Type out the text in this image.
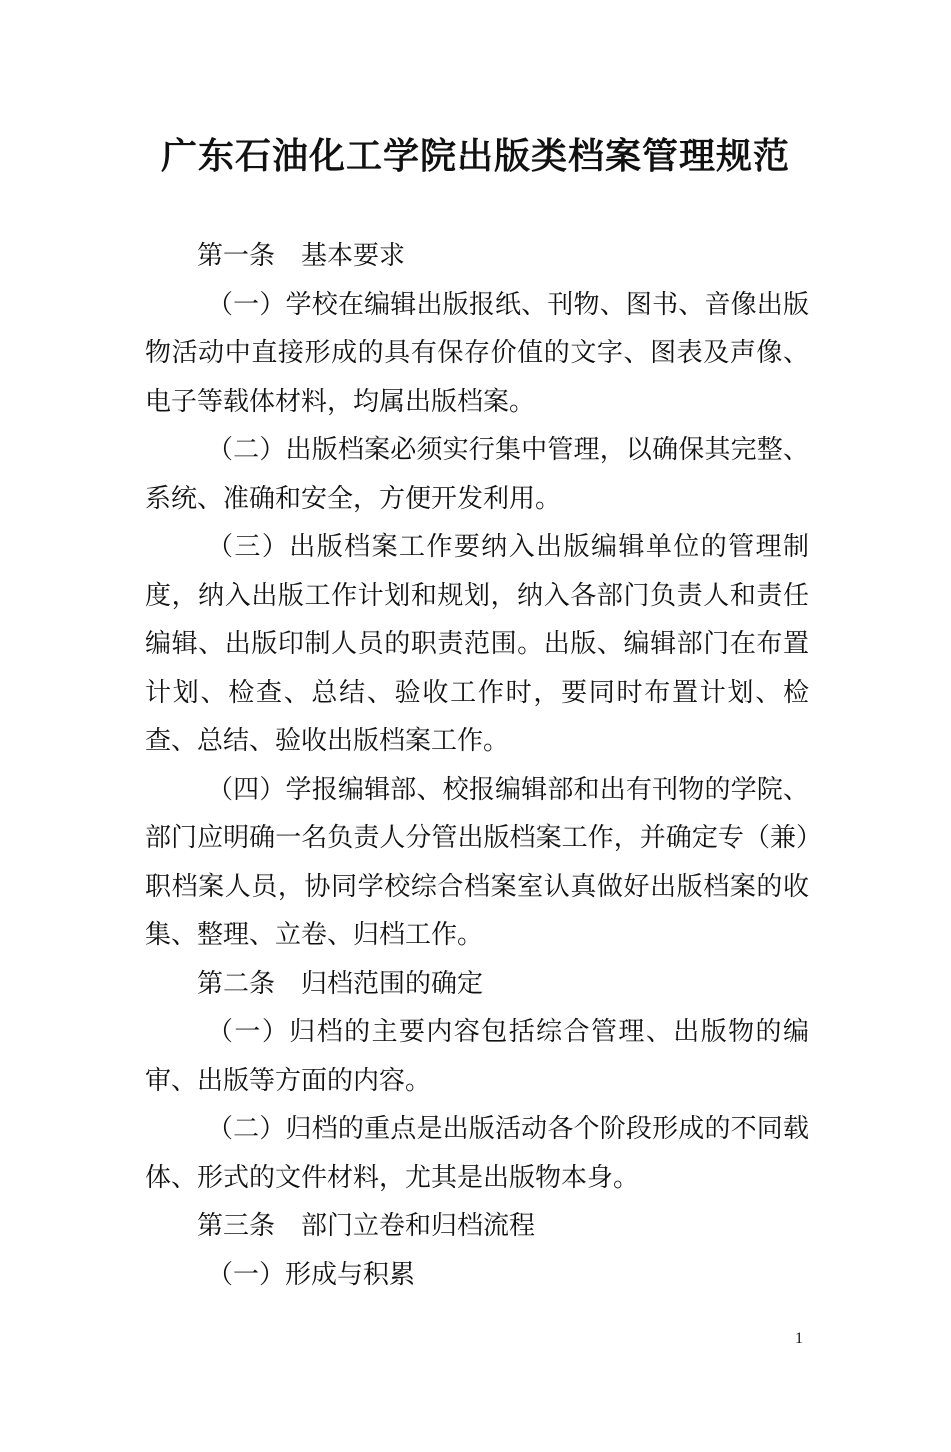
广东石油化工学院出版类档案管理规范

第一条 基本要求

（一）学校在编辑出版报纸、刊物、图书、音像出版物活动中直接形成的具有保存价值的文字、图表及声像、电子等载体材料，均属出版档案。

（二）出版档案必须实行集中管理，以确保其完整、系统、准确和安全，方便开发利用。

（三）出版档案工作要纳入出版编辑单位的管理制度，纳入出版工作计划和规划，纳入各部门负责人和责任编辑、出版印制人员的职责范围。出版、编辑部门在布置计划、检查、总结、验收工作时，要同时布置计划、检查、总结、验收出版档案工作。

（四）学报编辑部、校报编辑部和出有刊物的学院、部门应明确一名负责人分管出版档案工作，并确定专（兼）职档案人员，协同学校综合档案室认真做好出版档案的收集、整理、立卷、归档工作。

第二条 归档范围的确定

（一）归档的主要内容包括综合管理、出版物的编审、出版等方面的内容。

（二）归档的重点是出版活动各个阶段形成的不同载体、形式的文件材料，尤其是出版物本身。

第三条 部门立卷和归档流程

（一）形成与积累

1
